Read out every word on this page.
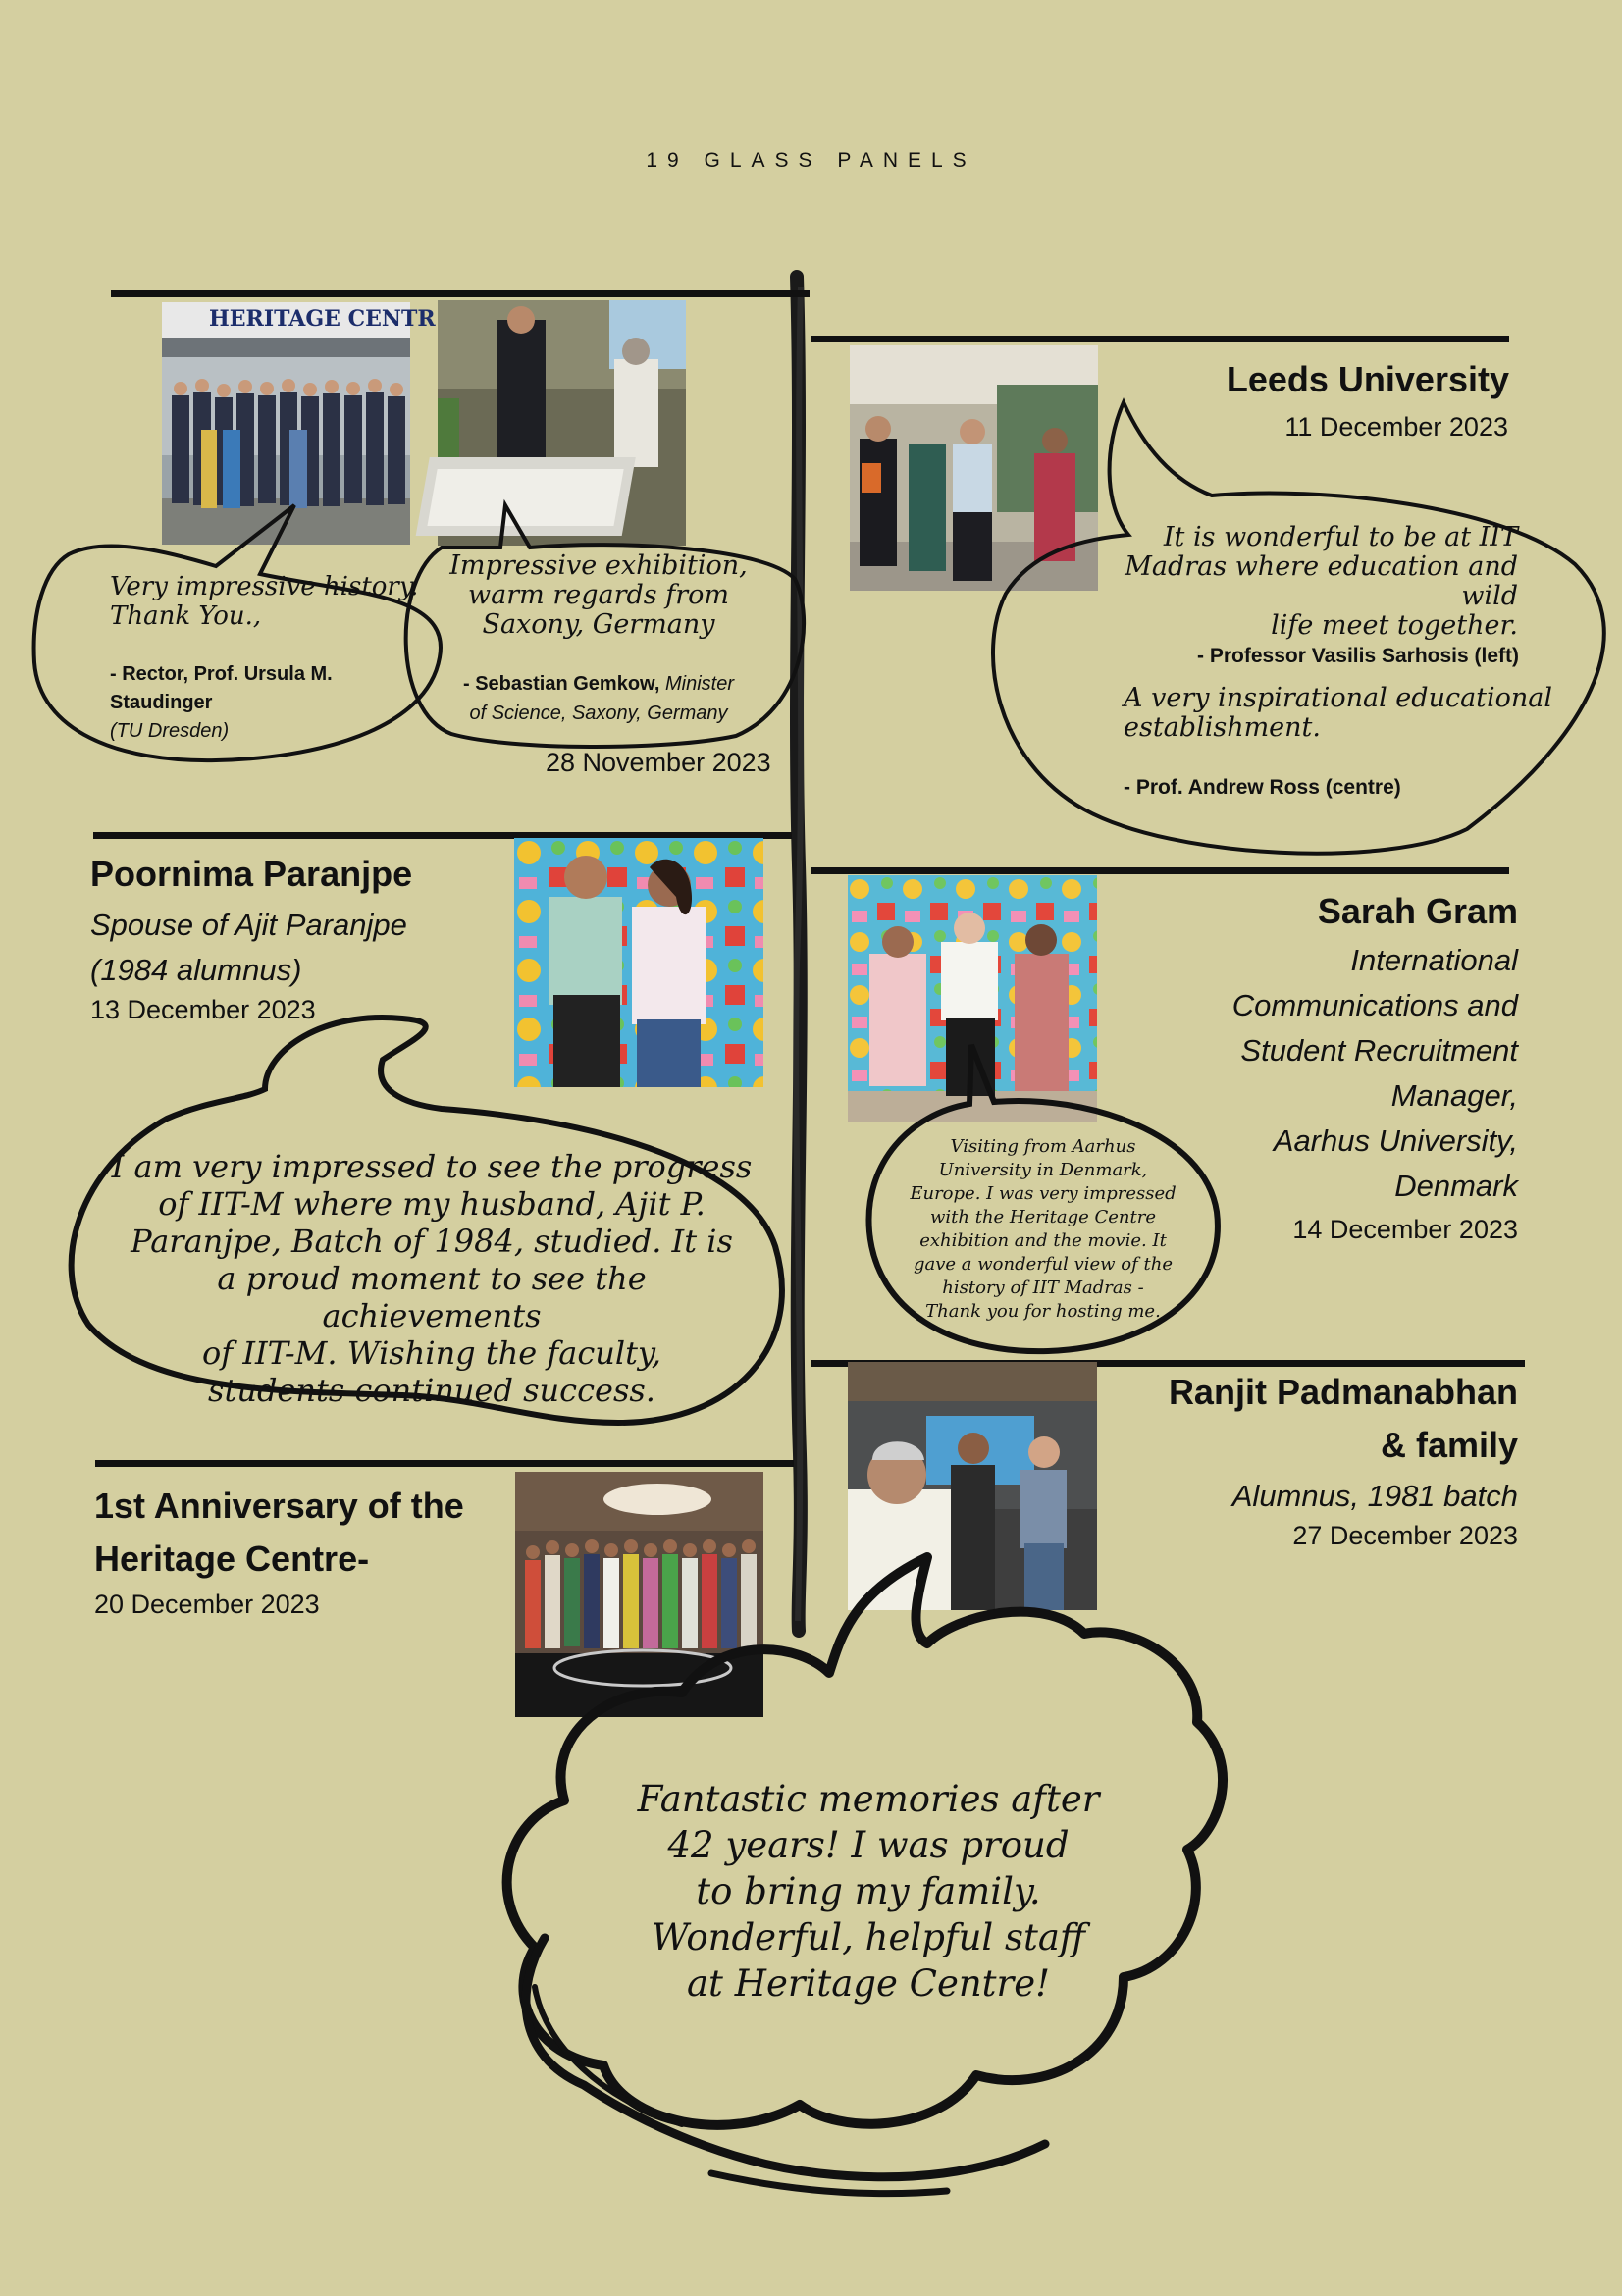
19 GLASS PANELS
HERITAGE CENTR

Very impressive history.

Thank You.,

- Rector, Prof. Ursula M.

Staudinger

(TU Dresden)

Impressive exhibition,

warm regards from

Saxony, Germany

- Sebastian Gemkow, Minister

of Science, Saxony, Germany

28 November 2023
Leeds University
11 December 2023

It is wonderful to be at IIT

Madras where education and wild

life meet together.

- Professor Vasilis Sarhosis (left)

A very inspirational educational

establishment.

- Prof. Andrew Ross (centre)
Poornima Paranjpe
Spouse of Ajit Paranjpe
(1984 alumnus)
13 December 2023

I am very impressed to see the progress

of IIT-M where my husband, Ajit P.

Paranjpe, Batch of 1984, studied. It is

a proud moment to see the achievements

of IIT-M. Wishing the faculty,

students continued success.

Sarah Gram
International
Communications and
Student Recruitment
Manager,
Aarhus University,
Denmark
14 December 2023

Visiting from Aarhus

University in Denmark,

Europe. I was very impressed

with the Heritage Centre

exhibition and the movie. It

gave a wonderful view of the

history of IIT Madras -

Thank you for hosting me.

1st Anniversary of the
Heritage Centre-
20 December 2023
Ranjit Padmanabhan
& family
Alumnus, 1981 batch
27 December 2023

Fantastic memories after

42 years! I was proud

to bring my family.

Wonderful, helpful staff

at Heritage Centre!
